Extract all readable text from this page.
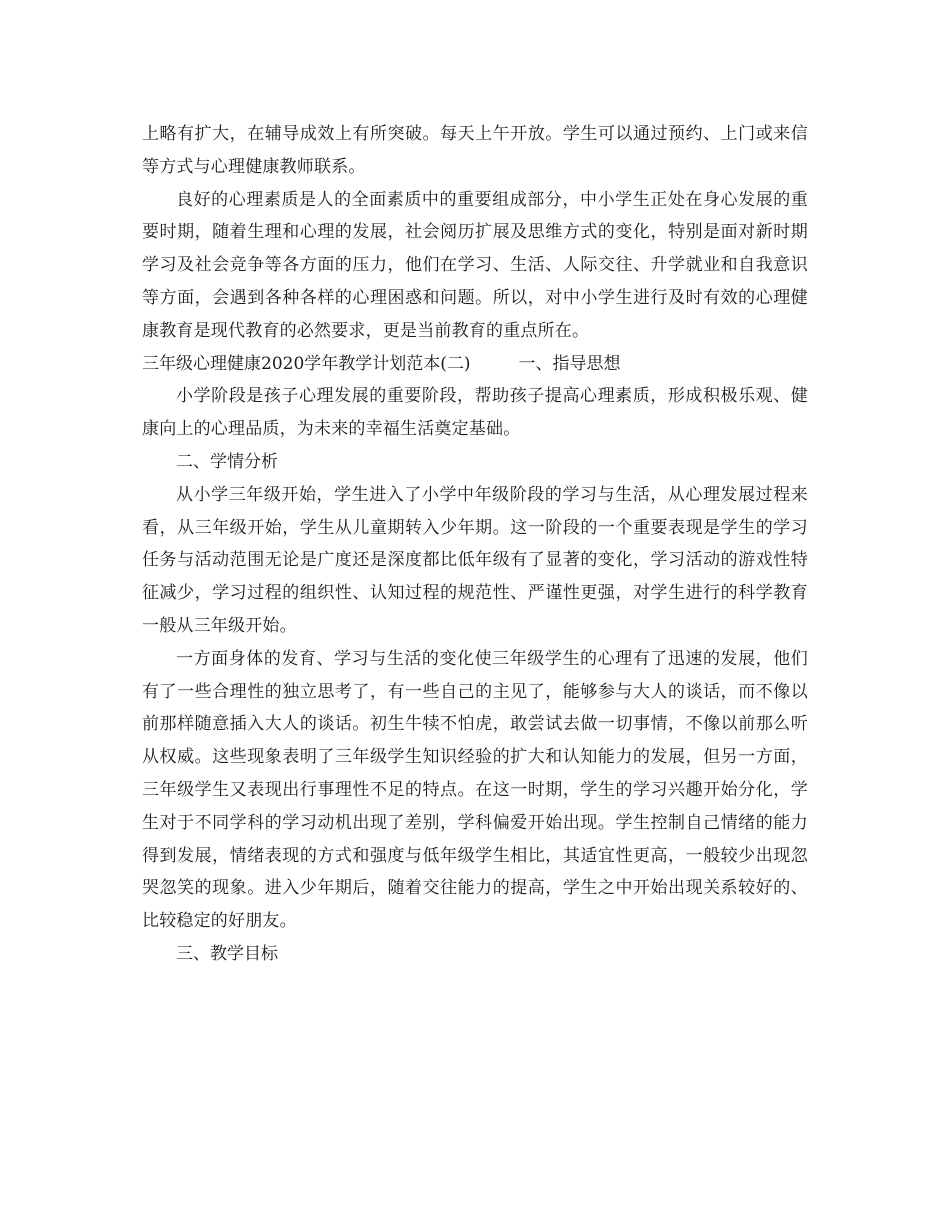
上略有扩大，在辅导成效上有所突破。每天上午开放。学生可以通过预约、上门或来信等方式与心理健康教师联系。

良好的心理素质是人的全面素质中的重要组成部分，中小学生正处在身心发展的重要时期，随着生理和心理的发展，社会阅历扩展及思维方式的变化，特别是面对新时期学习及社会竞争等各方面的压力，他们在学习、生活、人际交往、升学就业和自我意识等方面，会遇到各种各样的心理困惑和问题。所以，对中小学生进行及时有效的心理健康教育是现代教育的必然要求，更是当前教育的重点所在。

三年级心理健康2020学年教学计划范本(二)	一、指导思想

小学阶段是孩子心理发展的重要阶段，帮助孩子提高心理素质，形成积极乐观、健康向上的心理品质，为未来的幸福生活奠定基础。

二、学情分析

从小学三年级开始，学生进入了小学中年级阶段的学习与生活，从心理发展过程来看，从三年级开始，学生从儿童期转入少年期。这一阶段的一个重要表现是学生的学习任务与活动范围无论是广度还是深度都比低年级有了显著的变化，学习活动的游戏性特征减少，学习过程的组织性、认知过程的规范性、严谨性更强，对学生进行的科学教育一般从三年级开始。

一方面身体的发育、学习与生活的变化使三年级学生的心理有了迅速的发展，他们有了一些合理性的独立思考了，有一些自己的主见了，能够参与大人的谈话，而不像以前那样随意插入大人的谈话。初生牛犊不怕虎，敢尝试去做一切事情，不像以前那么听从权威。这些现象表明了三年级学生知识经验的扩大和认知能力的发展，但另一方面，三年级学生又表现出行事理性不足的特点。在这一时期，学生的学习兴趣开始分化，学生对于不同学科的学习动机出现了差别，学科偏爱开始出现。学生控制自己情绪的能力得到发展，情绪表现的方式和强度与低年级学生相比，其适宜性更高，一般较少出现忽哭忽笑的现象。进入少年期后，随着交往能力的提高，学生之中开始出现关系较好的、比较稳定的好朋友。

三、教学目标
